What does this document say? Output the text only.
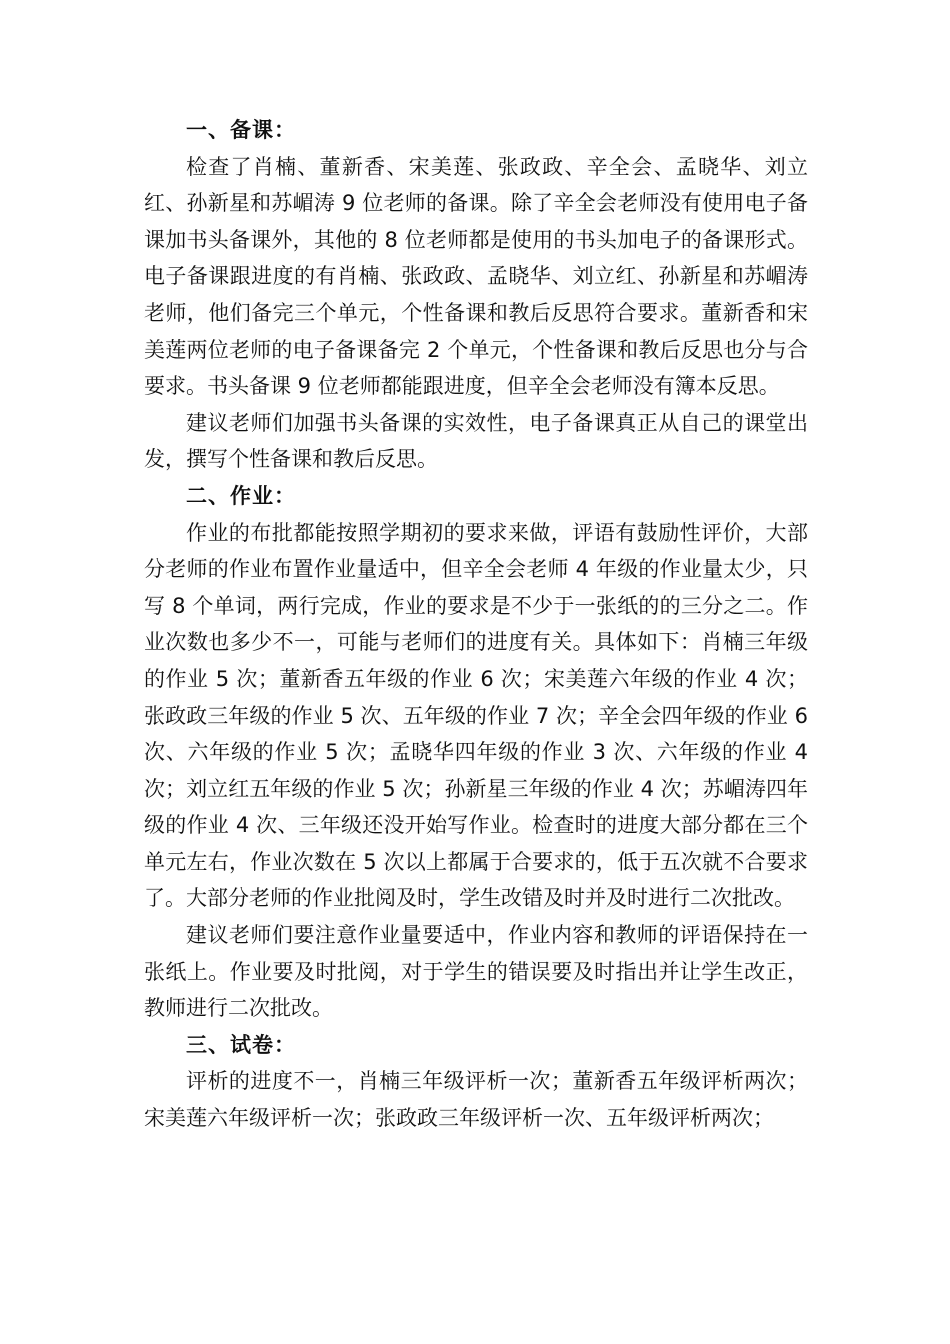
一、备课：

检查了肖楠、董新香、宋美莲、张政政、辛全会、孟晓华、刘立红、孙新星和苏嵋涛 9 位老师的备课。除了辛全会老师没有使用电子备课加书头备课外，其他的 8 位老师都是使用的书头加电子的备课形式。电子备课跟进度的有肖楠、张政政、孟晓华、刘立红、孙新星和苏嵋涛老师，他们备完三个单元，个性备课和教后反思符合要求。董新香和宋美莲两位老师的电子备课备完 2 个单元，个性备课和教后反思也分与合要求。书头备课 9 位老师都能跟进度，但辛全会老师没有簿本反思。

建议老师们加强书头备课的实效性，电子备课真正从自己的课堂出发，撰写个性备课和教后反思。

二、作业：

作业的布批都能按照学期初的要求来做，评语有鼓励性评价，大部分老师的作业布置作业量适中，但辛全会老师 4 年级的作业量太少，只写 8 个单词，两行完成，作业的要求是不少于一张纸的的三分之二。作业次数也多少不一，可能与老师们的进度有关。具体如下：肖楠三年级的作业 5 次；董新香五年级的作业 6 次；宋美莲六年级的作业 4 次；张政政三年级的作业 5 次、五年级的作业 7 次；辛全会四年级的作业 6 次、六年级的作业 5 次；孟晓华四年级的作业 3 次、六年级的作业 4 次；刘立红五年级的作业 5 次；孙新星三年级的作业 4 次；苏嵋涛四年级的作业 4 次、三年级还没开始写作业。检查时的进度大部分都在三个单元左右，作业次数在 5 次以上都属于合要求的，低于五次就不合要求了。大部分老师的作业批阅及时，学生改错及时并及时进行二次批改。

建议老师们要注意作业量要适中，作业内容和教师的评语保持在一张纸上。作业要及时批阅，对于学生的错误要及时指出并让学生改正，教师进行二次批改。

三、试卷：

评析的进度不一，肖楠三年级评析一次；董新香五年级评析两次；宋美莲六年级评析一次；张政政三年级评析一次、五年级评析两次；
